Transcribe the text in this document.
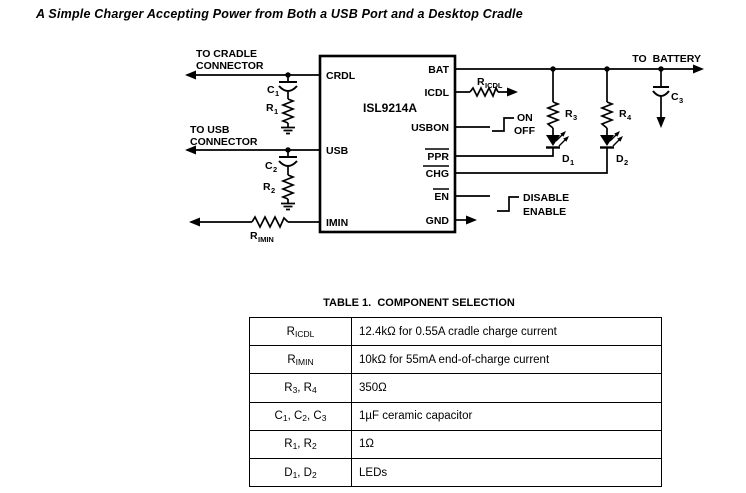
A Simple Charger Accepting Power from Both a USB Port and a Desktop Cradle
ISL9214A
CRDL
USB
IMIN
BAT
ICDL
USBON
PPR
CHG
EN
GND
TO CRADLE
CONNECTOR
TO USB
CONNECTOR
TO BATTERY
ON
OFF
DISABLE
ENABLE
C 1
R 1
C 2
R 2
R IMIN
R ICDL
R 3	R 4
D 1	D 2
C 3
TABLE 1.  COMPONENT SELECTION
RICDL	12.4kΩ for 0.55A cradle charge current
RIMIN	10kΩ for 55mA end-of-charge current
R3, R4	350Ω
C1, C2, C3	1µF ceramic capacitor
R1, R2	1Ω
D1, D2	LEDs
